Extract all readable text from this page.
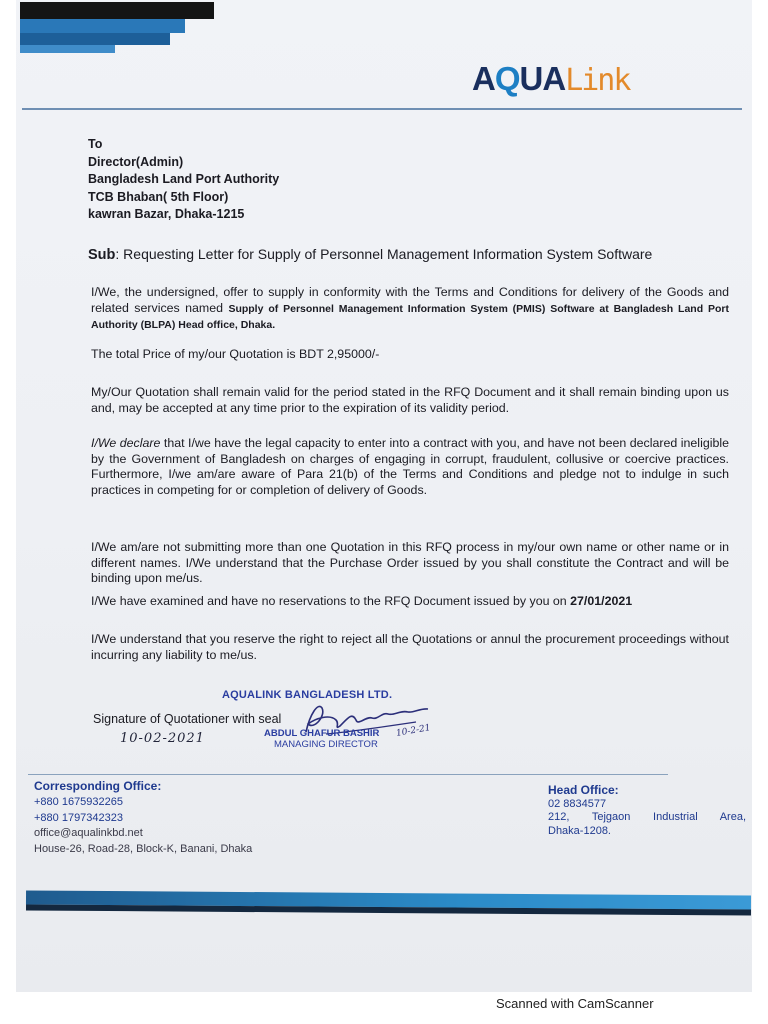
AQUAL𝚒𝚗k
To
Director(Admin)
Bangladesh Land Port Authority
TCB Bhaban( 5th Floor)
kawran Bazar, Dhaka-1215
Sub: Requesting Letter for Supply of Personnel Management Information System Software
I/We, the undersigned, offer to supply in conformity with the Terms and Conditions for delivery of the Goods and related services named Supply of Personnel Management Information System (PMIS) Software at Bangladesh Land Port Authority (BLPA) Head office, Dhaka.
The total Price of my/our Quotation is BDT 2,95000/-
My/Our Quotation shall remain valid for the period stated in the RFQ Document and it shall remain binding upon us and, may be accepted at any time prior to the expiration of its validity period.
I/We declare that I/we have the legal capacity to enter into a contract with you, and have not been declared ineligible by the Government of Bangladesh on charges of engaging in corrupt, fraudulent, collusive or coercive practices. Furthermore, I/we am/are aware of Para 21(b) of the Terms and Conditions and pledge not to indulge in such practices in competing for or completion of delivery of Goods.
I/We am/are not submitting more than one Quotation in this RFQ process in my/our own name or other name or in different names. I/We understand that the Purchase Order issued by you shall constitute the Contract and will be binding upon me/us.
I/We have examined and have no reservations to the RFQ Document issued by you on 27/01/2021
I/We understand that you reserve the right to reject all the Quotations or annul the procurement proceedings without incurring any liability to me/us.
AQUALINK BANGLADESH LTD.
Signature of Quotationer with seal
10-2-21
10-02-2021	ABDUL GHAFUR BASHIR
MANAGING DIRECTOR
Corresponding Office:
+880 1675932265
+880 1797342323
office@aqualinkbd.net
House-26, Road-28, Block-K, Banani, Dhaka
Head Office:
02 8834577
212, Tejgaon Industrial Area,
Dhaka-1208.
Scanned with CamScanner
